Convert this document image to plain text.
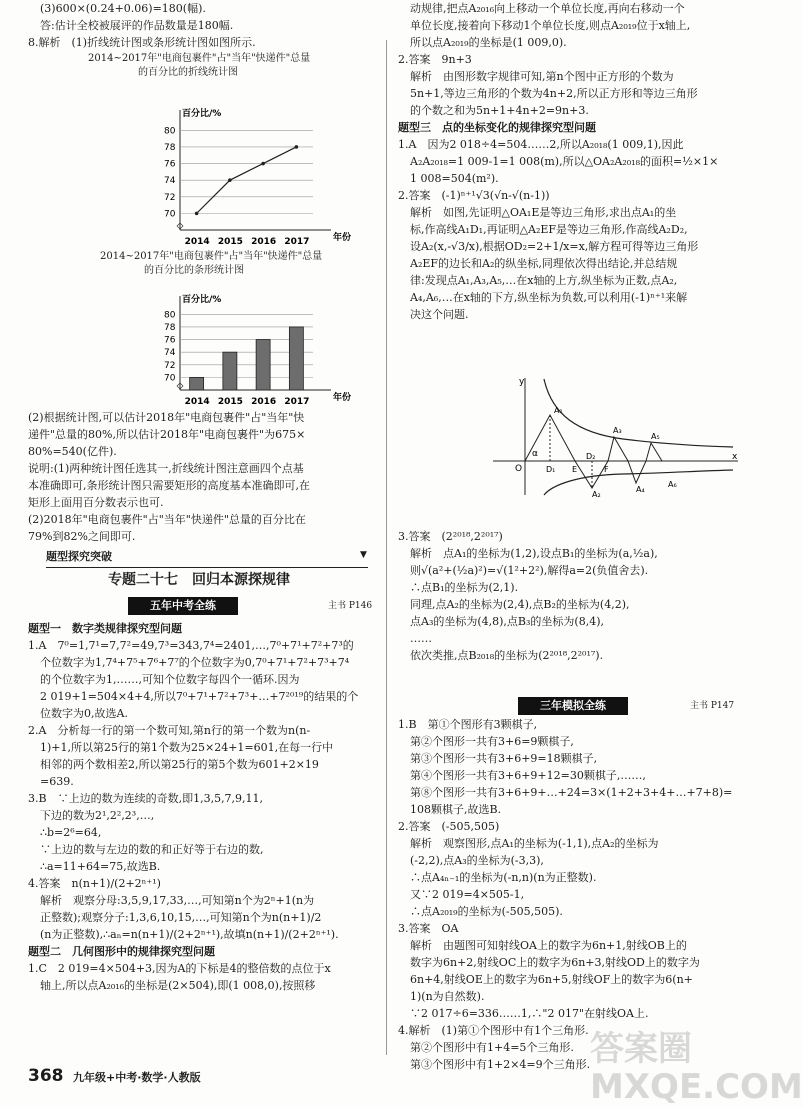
(3)600×(0.24+0.06)=180(幅).
答:估计全校被展评的作品数量是180幅.
8.解析　(1)折线统计图或条形统计图如图所示.
2014~2017年"电商包裹件"占"当年"快递件"总量
的百分比的折线统计图
百分比/%
年份
70
72
74
76
78
80
2014 2015 2016 2017
2014~2017年"电商包裹件"占"当年"快递件"总量
的百分比的条形统计图
百分比/%
年份
70
72
74
76
78
80
2014 2015 2016 2017
(2)根据统计图,可以估计2018年"电商包裹件"占"当年"快
递件"总量的80%,所以估计2018年"电商包裹件"为675×
80%=540(亿件).
说明:(1)两种统计图任选其一,折线统计图注意画四个点基
本准确即可,条形统计图只需要矩形的高度基本准确即可,在
矩形上面用百分数表示也可.
(2)2018年"电商包裹件"占"当年"快递件"总量的百分比在
79%到82%之间即可.
题型探究突破	▼
专题二十七　回归本源探规律
五年中考全练	主书 P146
题型一　数字类规律探究型问题
1.A　7⁰=1,7¹=7,7²=49,7³=343,7⁴=2401,…,7⁰+7¹+7²+7³的
个位数字为1,7⁴+7⁵+7⁶+7⁷的个位数字为0,7⁰+7¹+7²+7³+7⁴
的个位数字为1,……,可知个位数字每四个一循环.因为
2 019+1=504×4+4,所以7⁰+7¹+7²+7³+…+7²⁰¹⁹的结果的个
位数字为0,故选A.
2.A　分析每一行的第一个数可知,第n行的第一个数为n(n-
1)+1,所以第25行的第1个数为25×24+1=601,在每一行中
相邻的两个数相差2,所以第25行的第5个数为601+2×19
=639.
3.B　∵上边的数为连续的奇数,即1,3,5,7,9,11,
下边的数为2¹,2²,2³,…,
∴b=2⁶=64,
∵上边的数与左边的数的和正好等于右边的数,
∴a=11+64=75,故选B.
4.答案　n(n+1)/(2+2ⁿ⁺¹)
解析　观察分母:3,5,9,17,33,…,可知第n个为2ⁿ+1(n为
正整数);观察分子:1,3,6,10,15,…,可知第n个为n(n+1)/2
(n为正整数),∴aₙ=n(n+1)/(2+2ⁿ⁺¹),故填n(n+1)/(2+2ⁿ⁺¹).
题型二　几何图形中的规律探究型问题
1.C　2 019=4×504+3,因为A的下标是4的整倍数的点位于x
轴上,所以点A₂₀₁₆的坐标是(2×504),即(1 008,0),按照移
动规律,把点A₂₀₁₆向上移动一个单位长度,再向右移动一个
单位长度,接着向下移动1个单位长度,则点A₂₀₁₉位于x轴上,
所以点A₂₀₁₉的坐标是(1 009,0).
2.答案　9n+3
解析　由图形数字规律可知,第n个图中正方形的个数为
5n+1,等边三角形的个数为4n+2,所以正方形和等边三角形
的个数之和为5n+1+4n+2=9n+3.
题型三　点的坐标变化的规律探究型问题
1.A　因为2 018÷4=504……2,所以A₂₀₁₈(1 009,1),因此
A₂A₂₀₁₈=1 009-1=1 008(m),所以△OA₂A₂₀₁₈的面积=½×1×
1 008=504(m²).
2.答案　(-1)ⁿ⁺¹√3(√n-√(n-1))
解析　如图,先证明△OA₁E是等边三角形,求出点A₁的坐
标,作高线A₁D₁,再证明△A₂EF是等边三角形,作高线A₂D₂,
设A₂(x,-√3/x),根据OD₂=2+1/x=x,解方程可得等边三角形
A₂EF的边长和A₂的纵坐标,同理依次得出结论,并总结规
律:发现点A₁,A₃,A₅,…在x轴的上方,纵坐标为正数,点A₂,
A₄,A₆,…在x轴的下方,纵坐标为负数,可以利用(-1)ⁿ⁺¹来解
决这个问题.
y
x
O
α
A₁
A₃
A₅
A₂
A₄
A₆
D₁ E	F
D₂
3.答案　(2²⁰¹⁸,2²⁰¹⁷)
解析　点A₁的坐标为(1,2),设点B₁的坐标为(a,½a),
则√(a²+(½a)²)=√(1²+2²),解得a=2(负值舍去).
∴点B₁的坐标为(2,1).
同理,点A₂的坐标为(2,4),点B₂的坐标为(4,2),
点A₃的坐标为(4,8),点B₃的坐标为(8,4),
……
依次类推,点B₂₀₁₈的坐标为(2²⁰¹⁸,2²⁰¹⁷).
三年模拟全练	主书 P147
1.B　第①个图形有3颗棋子,
第②个图形一共有3+6=9颗棋子,
第③个图形一共有3+6+9=18颗棋子,
第④个图形一共有3+6+9+12=30颗棋子,……,
第⑧个图形一共有3+6+9+…+24=3×(1+2+3+4+…+7+8)=
108颗棋子,故选B.
2.答案　(-505,505)
解析　观察图形,点A₁的坐标为(-1,1),点A₂的坐标为
(-2,2),点A₃的坐标为(-3,3),
∴点A₄ₙ₋₁的坐标为(-n,n)(n为正整数).
又∵2 019=4×505-1,
∴点A₂₀₁₉的坐标为(-505,505).
3.答案　OA
解析　由题图可知射线OA上的数字为6n+1,射线OB上的
数字为6n+2,射线OC上的数字为6n+3,射线OD上的数字为
6n+4,射线OE上的数字为6n+5,射线OF上的数字为6(n+
1)(n为自然数).
∵2 017÷6=336……1,∴"2 017"在射线OA上.
4.解析　(1)第①个图形中有1个三角形.
第②个图形中有1+4=5个三角形.
第③个图形中有1+2×4=9个三角形.
368 九年级+中考·数学·人教版
答案圈 MXQE.COM
